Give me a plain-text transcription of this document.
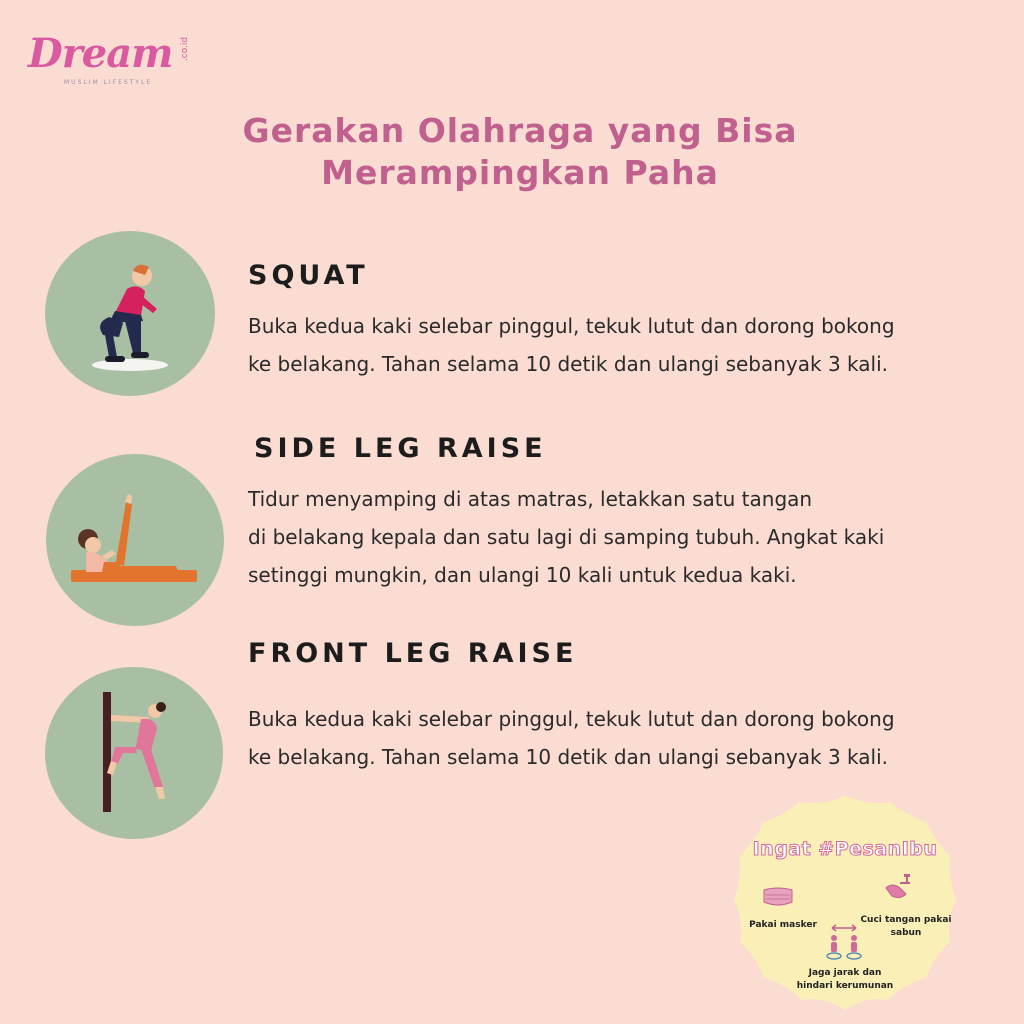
Dream .co.id
MUSLIM LIFESTYLE
Gerakan Olahraga yang Bisa
Merampingkan Paha
SQUAT
Buka kedua kaki selebar pinggul, tekuk lutut dan dorong bokong
ke belakang. Tahan selama 10 detik dan ulangi sebanyak 3 kali.
SIDE LEG RAISE
Tidur menyamping di atas matras, letakkan satu tangan
di belakang kepala dan satu lagi di samping tubuh. Angkat kaki
setinggi mungkin, dan ulangi 10 kali untuk kedua kaki.
FRONT LEG RAISE
Buka kedua kaki selebar pinggul, tekuk lutut dan dorong bokong
ke belakang. Tahan selama 10 detik dan ulangi sebanyak 3 kali.
Ingat #PesanIbu
Pakai masker	Cuci tangan pakai
sabun
Jaga jarak dan
hindari kerumunan
